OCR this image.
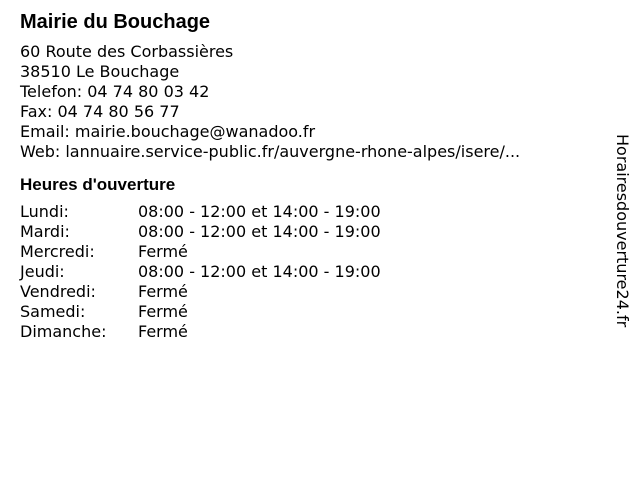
Mairie du Bouchage
60 Route des Corbassières
38510 Le Bouchage
Telefon: 04 74 80 03 42
Fax: 04 74 80 56 77
Email: mairie.bouchage@wanadoo.fr
Web: lannuaire.service-public.fr/auvergne-rhone-alpes/isere/...
Heures d'ouverture
Lundi:	08:00 - 12:00 et 14:00 - 19:00
Mardi:	08:00 - 12:00 et 14:00 - 19:00
Mercredi:	Fermé
Jeudi:	08:00 - 12:00 et 14:00 - 19:00
Vendredi:	Fermé
Samedi:	Fermé
Dimanche:	Fermé
Horairesdouverture24.fr
